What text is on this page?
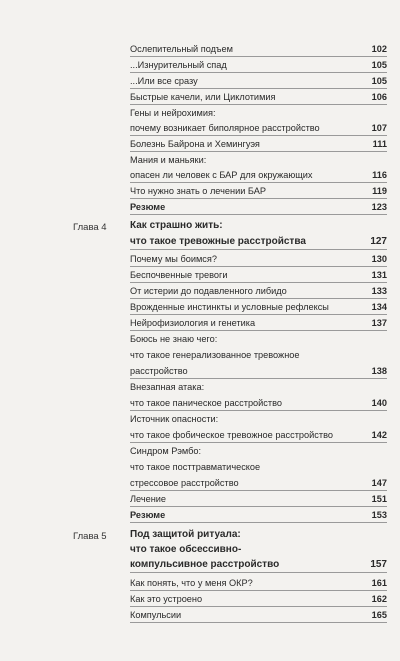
Ослепительный подъем	102
...Изнурительный спад	105
...Или все сразу	105
Быстрые качели, или Циклотимия	106
Гены и нейрохимия:
почему возникает биполярное расстройство	107
Болезнь Байрона и Хемингуэя	111
Мания и маньяки:
опасен ли человек с БАР для окружающих	116
Что нужно знать о лечении БАР	119
Резюме	123
Глава 4 Как страшно жить:
что такое тревожные расстройства	127
Почему мы боимся?	130
Беспочвенные тревоги	131
От истерии до подавленного либидо	133
Врожденные инстинкты и условные рефлексы	134
Нейрофизиология и генетика	137
Боюсь не знаю чего:
что такое генерализованное тревожное
расстройство	138
Внезапная атака:
что такое паническое расстройство	140
Источник опасности:
что такое фобическое тревожное расстройство	142
Синдром Рэмбо:
что такое посттравматическое
стрессовое расстройство	147
Лечение	151
Резюме	153
Глава 5 Под защитой ритуала:
что такое обсессивно-
компульсивное расстройство	157
Как понять, что у меня ОКР?	161
Как это устроено	162
Компульсии	165
